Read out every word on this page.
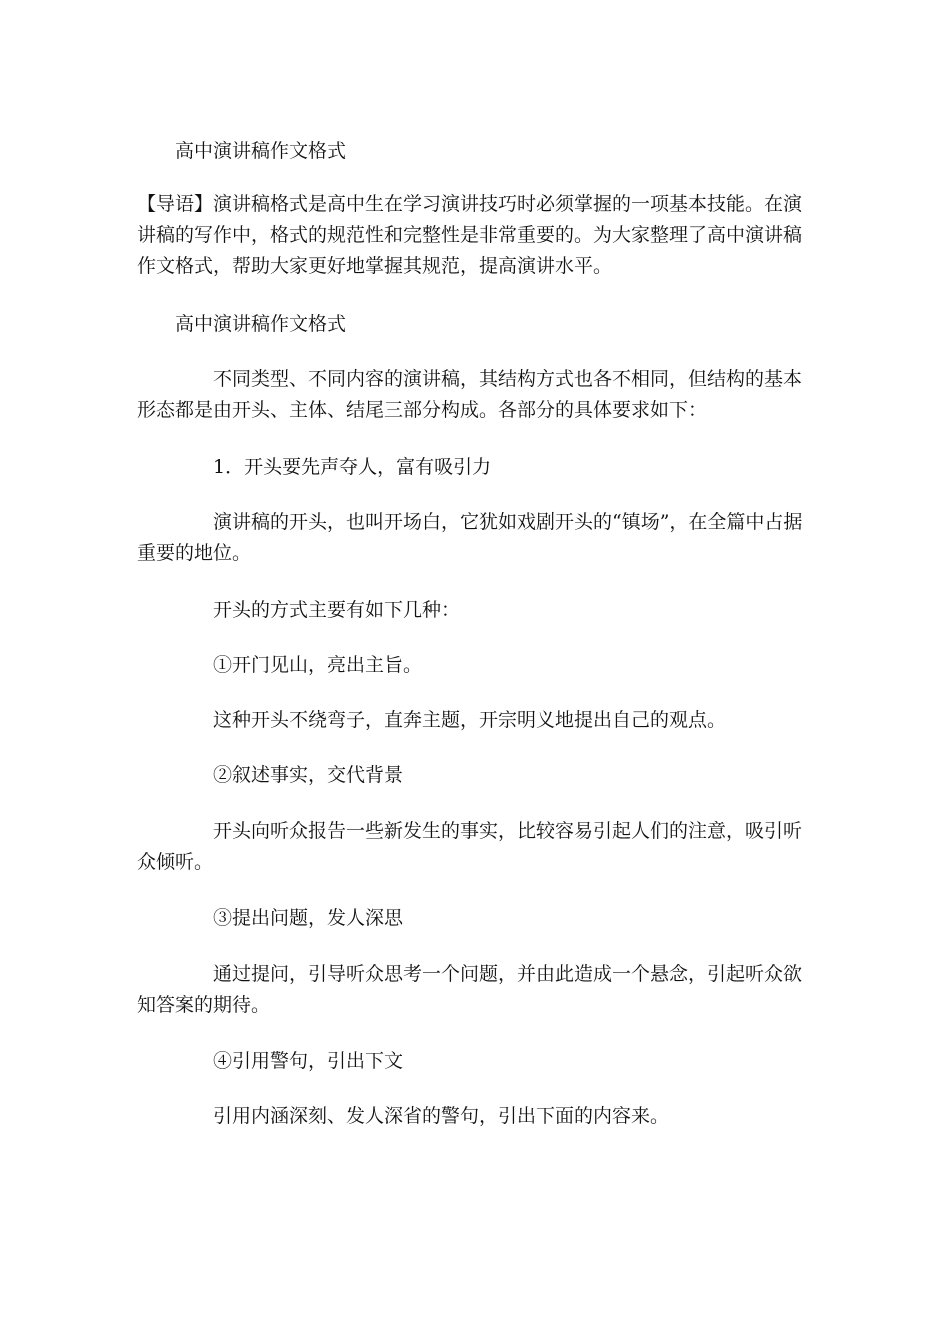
高中演讲稿作文格式

【导语】演讲稿格式是高中生在学习演讲技巧时必须掌握的一项基本技能。在演讲稿的写作中，格式的规范性和完整性是非常重要的。为大家整理了高中演讲稿作文格式，帮助大家更好地掌握其规范，提高演讲水平。

高中演讲稿作文格式

不同类型、不同内容的演讲稿，其结构方式也各不相同，但结构的基本形态都是由开头、主体、结尾三部分构成。各部分的具体要求如下：

1．开头要先声夺人，富有吸引力

演讲稿的开头，也叫开场白，它犹如戏剧开头的“镇场”，在全篇中占据重要的地位。

开头的方式主要有如下几种：

①开门见山，亮出主旨。

这种开头不绕弯子，直奔主题，开宗明义地提出自己的观点。

②叙述事实，交代背景

开头向听众报告一些新发生的事实，比较容易引起人们的注意，吸引听众倾听。

③提出问题，发人深思

通过提问，引导听众思考一个问题，并由此造成一个悬念，引起听众欲知答案的期待。

④引用警句，引出下文

引用内涵深刻、发人深省的警句，引出下面的内容来。
